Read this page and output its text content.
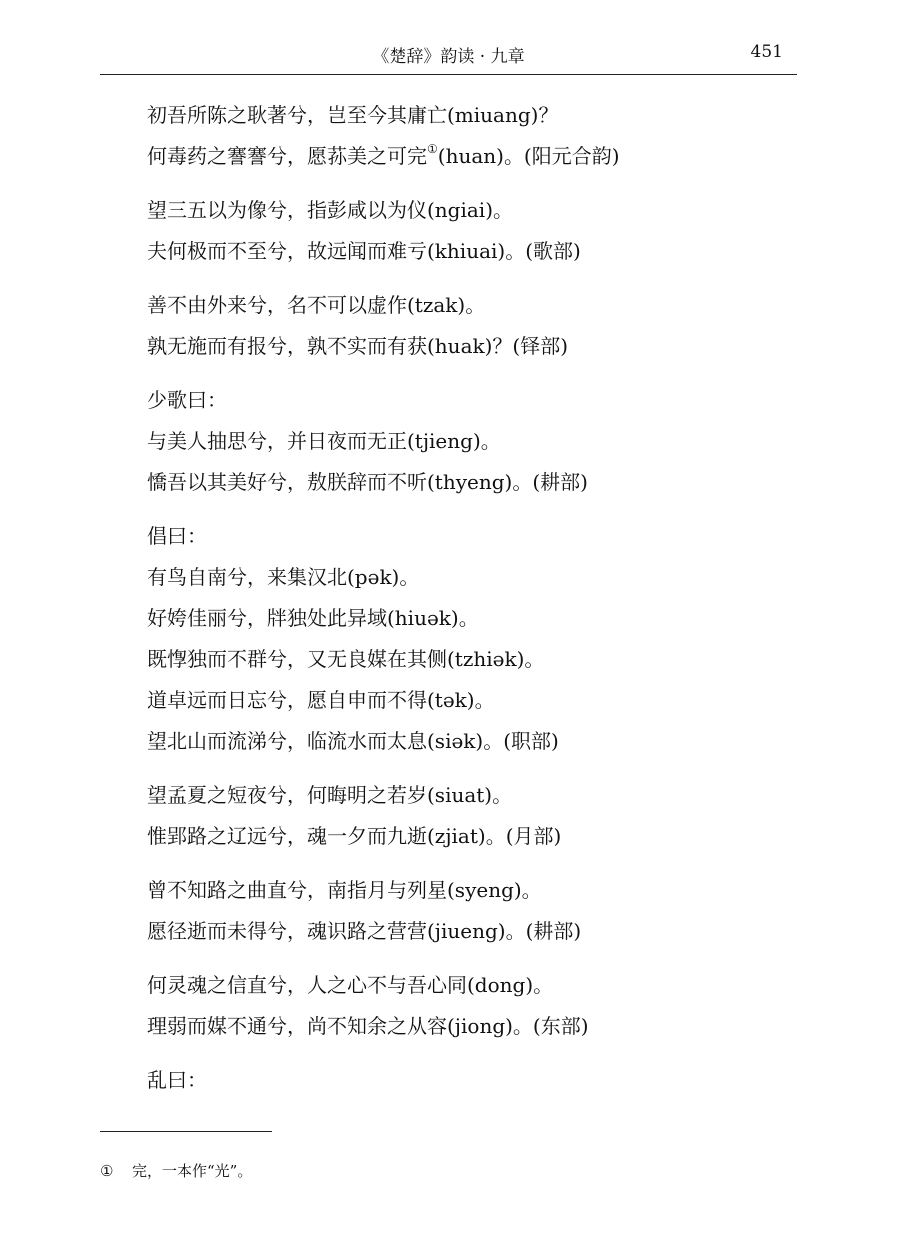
《楚辞》韵读 · 九章	451
初吾所陈之耿著兮，岂至今其庸亡(miuang)？
何毒药之謇謇兮，愿荪美之可完①(huan)。(阳元合韵)
望三五以为像兮，指彭咸以为仪(ngiai)。
夫何极而不至兮，故远闻而难亏(khiuai)。(歌部)
善不由外来兮，名不可以虚作(tzak)。
孰无施而有报兮，孰不实而有获(huak)？(铎部)
少歌曰：
与美人抽思兮，并日夜而无正(tjieng)。
憍吾以其美好兮，敖朕辞而不听(thyeng)。(耕部)
倡曰：
有鸟自南兮，来集汉北(pək)。
好姱佳丽兮，牉独处此异域(hiuək)。
既惸独而不群兮，又无良媒在其侧(tzhiək)。
道卓远而日忘兮，愿自申而不得(tək)。
望北山而流涕兮，临流水而太息(siək)。(职部)
望孟夏之短夜兮，何晦明之若岁(siuat)。
惟郢路之辽远兮，魂一夕而九逝(zjiat)。(月部)
曾不知路之曲直兮，南指月与列星(syeng)。
愿径逝而未得兮，魂识路之营营(jiueng)。(耕部)
何灵魂之信直兮，人之心不与吾心同(dong)。
理弱而媒不通兮，尚不知余之从容(jiong)。(东部)
乱曰：
① 完，一本作“光”。
